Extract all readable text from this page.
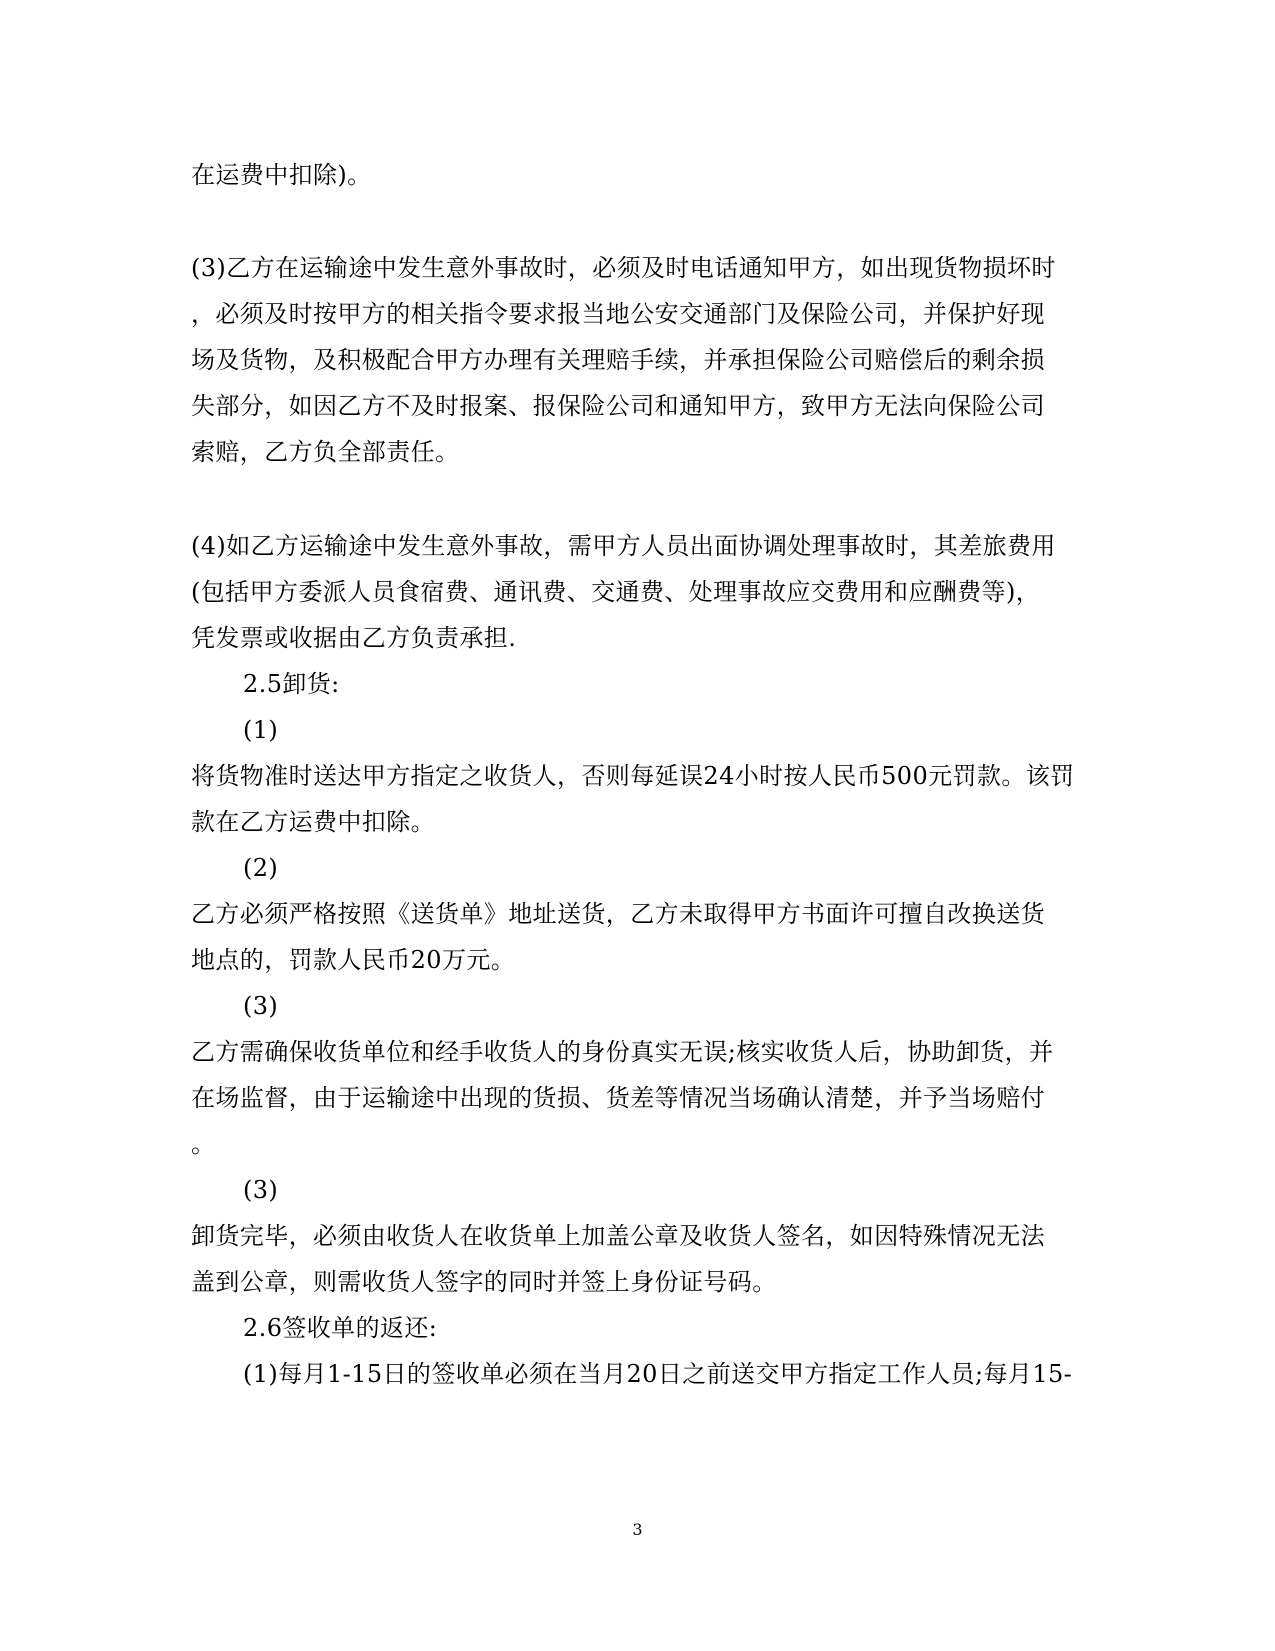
在运费中扣除)。
(3)乙方在运输途中发生意外事故时，必须及时电话通知甲方，如出现货物损坏时
，必须及时按甲方的相关指令要求报当地公安交通部门及保险公司，并保护好现
场及货物，及积极配合甲方办理有关理赔手续，并承担保险公司赔偿后的剩余损
失部分，如因乙方不及时报案、报保险公司和通知甲方，致甲方无法向保险公司
索赔，乙方负全部责任。
(4)如乙方运输途中发生意外事故，需甲方人员出面协调处理事故时，其差旅费用
(包括甲方委派人员食宿费、通讯费、交通费、处理事故应交费用和应酬费等)，
凭发票或收据由乙方负责承担.
2.5卸货:
(1)
将货物准时送达甲方指定之收货人，否则每延误24小时按人民币500元罚款。该罚
款在乙方运费中扣除。
(2)
乙方必须严格按照《送货单》地址送货，乙方未取得甲方书面许可擅自改换送货
地点的，罚款人民币20万元。
(3)
乙方需确保收货单位和经手收货人的身份真实无误;核实收货人后，协助卸货，并
在场监督，由于运输途中出现的货损、货差等情况当场确认清楚，并予当场赔付
。
(3)
卸货完毕，必须由收货人在收货单上加盖公章及收货人签名，如因特殊情况无法
盖到公章，则需收货人签字的同时并签上身份证号码。
2.6签收单的返还:
(1)每月1-15日的签收单必须在当月20日之前送交甲方指定工作人员;每月15-
3
